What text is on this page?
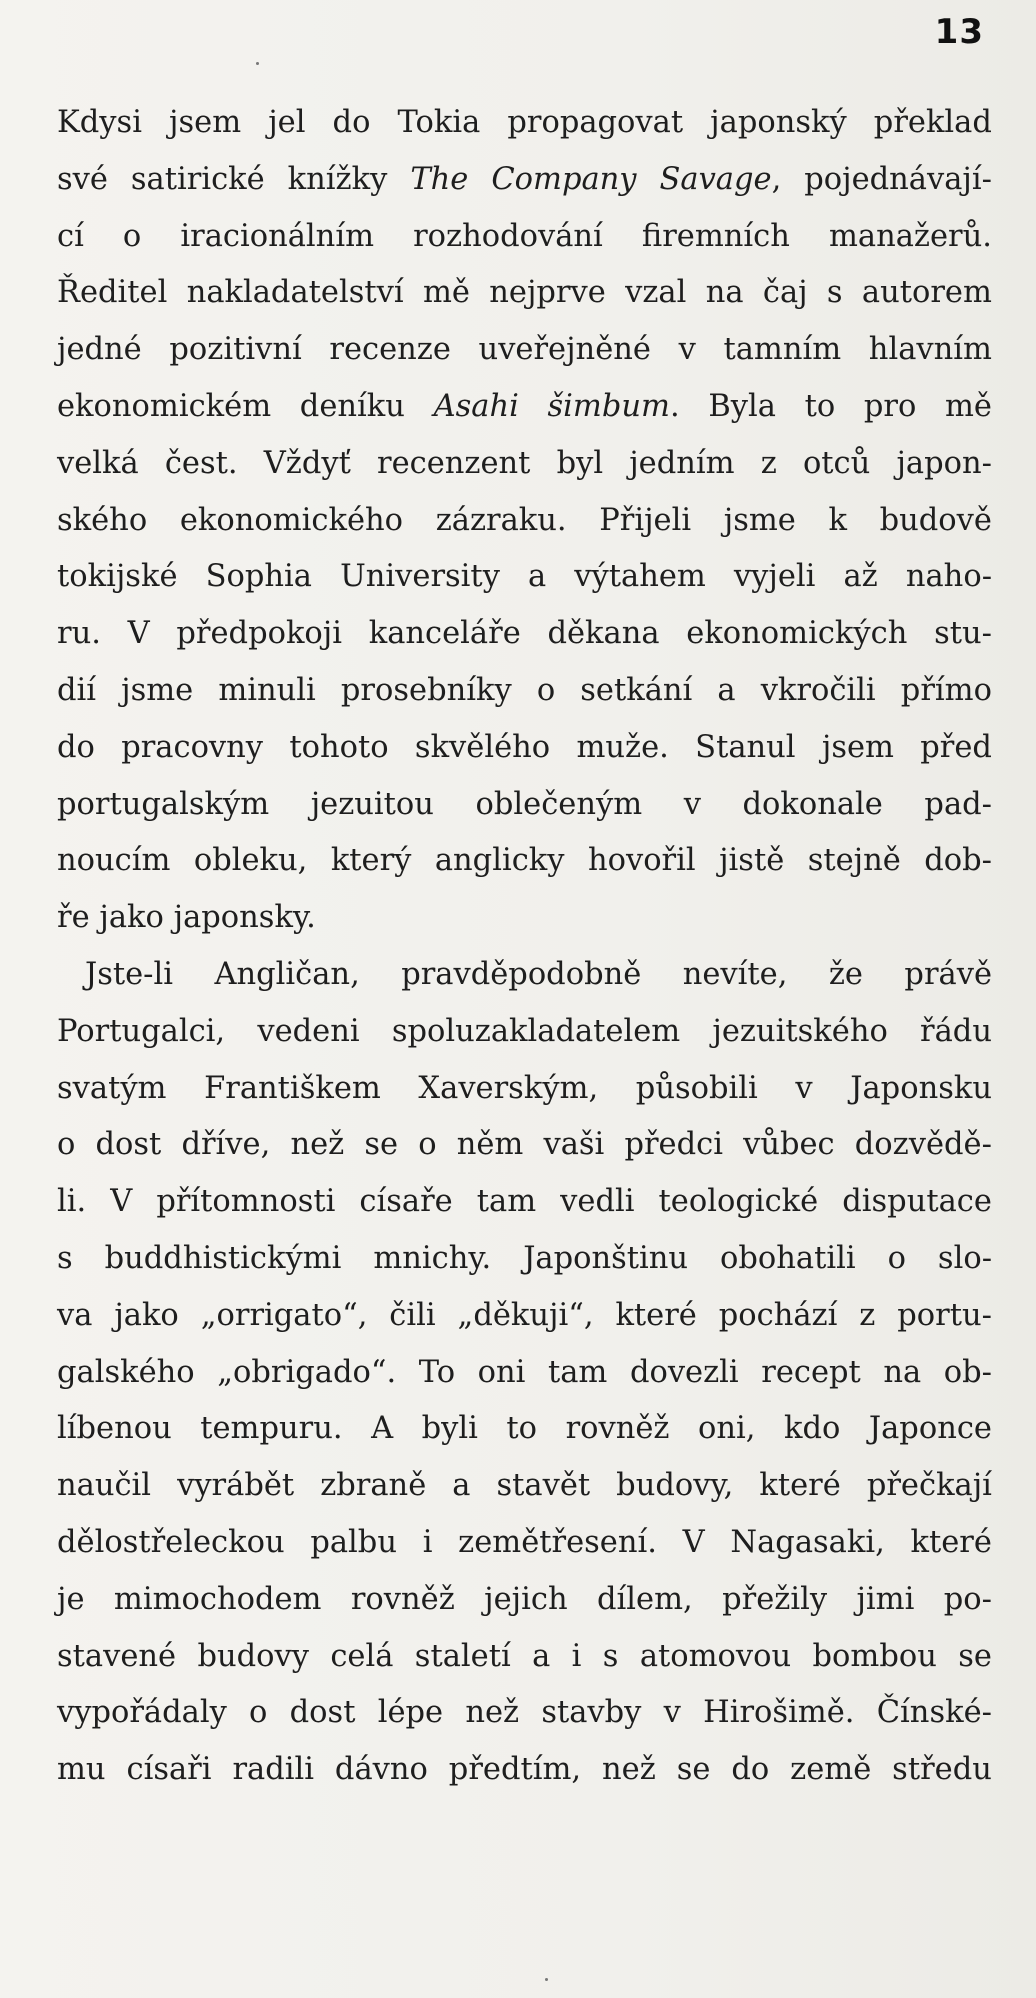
13
Kdysi jsem jel do Tokia propagovat japonský překlad
své satirické knížky The Company Savage, pojednávají-
cí o iracionálním rozhodování firemních manažerů.
Ředitel nakladatelství mě nejprve vzal na čaj s autorem
jedné pozitivní recenze uveřejněné v tamním hlavním
ekonomickém deníku Asahi šimbum. Byla to pro mě
velká čest. Vždyť recenzent byl jedním z otců japon-
ského ekonomického zázraku. Přijeli jsme k budově
tokijské Sophia University a výtahem vyjeli až naho-
ru. V předpokoji kanceláře děkana ekonomických stu-
dií jsme minuli prosebníky o setkání a vkročili přímo
do pracovny tohoto skvělého muže. Stanul jsem před
portugalským jezuitou oblečeným v dokonale pad-
noucím obleku, který anglicky hovořil jistě stejně dob-
ře jako japonsky.
Jste-li Angličan, pravděpodobně nevíte, že právě
Portugalci, vedeni spoluzakladatelem jezuitského řádu
svatým Františkem Xaverským, působili v Japonsku
o dost dříve, než se o něm vaši předci vůbec dozvědě-
li. V přítomnosti císaře tam vedli teologické disputace
s buddhistickými mnichy. Japonštinu obohatili o slo-
va jako „orrigato“, čili „děkuji“, které pochází z portu-
galského „obrigado“. To oni tam dovezli recept na ob-
líbenou tempuru. A byli to rovněž oni, kdo Japonce
naučil vyrábět zbraně a stavět budovy, které přečkají
dělostřeleckou palbu i zemětřesení. V Nagasaki, které
je mimochodem rovněž jejich dílem, přežily jimi po-
stavené budovy celá staletí a i s atomovou bombou se
vypořádaly o dost lépe než stavby v Hirošimě. Čínské-
mu císaři radili dávno předtím, než se do země středu
